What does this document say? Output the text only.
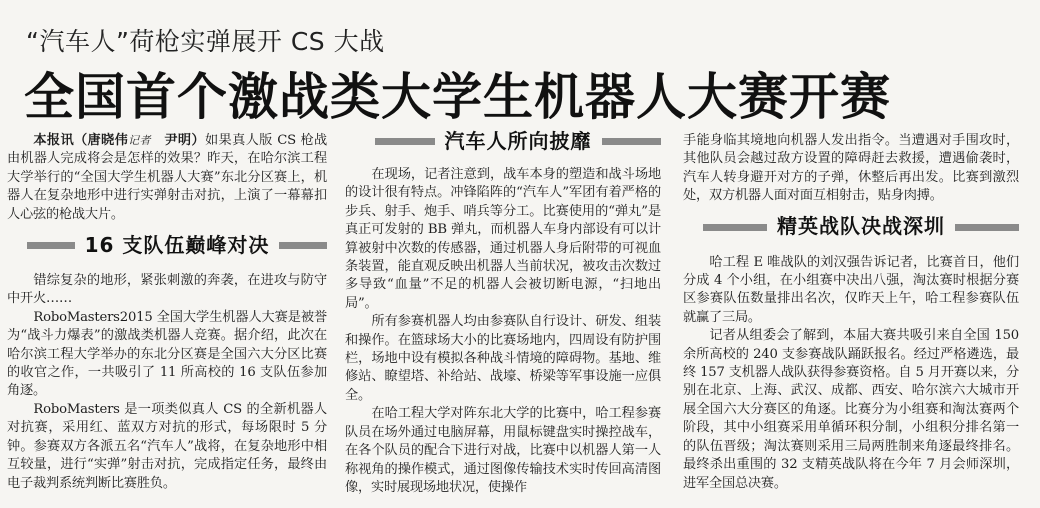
“汽车人”荷枪实弹展开 CS 大战
全国首个激战类大学生机器人大赛开赛

本报讯（唐晓伟记者　 尹明）如果真人版 CS 枪战由机器人完成将会是怎样的效果？昨天，在哈尔滨工程大学举行的“全国大学生机器人大赛”东北分区赛上，机器人在复杂地形中进行实弹射击对抗，上演了一幕幕扣人心弦的枪战大片。

16 支队伍巅峰对决

错综复杂的地形，紧张刺激的奔袭，在进攻与防守中开火……

RoboMasters2015 全国大学生机器人大赛是被誉为“战斗力爆表”的激战类机器人竞赛。据介绍，此次在哈尔滨工程大学举办的东北分区赛是全国六大分区比赛的收官之作，一共吸引了 11 所高校的 16 支队伍参加角逐。

RoboMasters 是一项类似真人 CS 的全新机器人对抗赛，采用红、蓝双方对抗的形式，每场限时 5 分钟。参赛双方各派五名“汽车人”战将，在复杂地形中相互较量，进行“实弹”射击对抗，完成指定任务，最终由电子裁判系统判断比赛胜负。

汽车人所向披靡

在现场，记者注意到，战车本身的塑造和战斗场地的设计很有特点。冲锋陷阵的“汽车人”军团有着严格的步兵、射手、炮手、哨兵等分工。比赛使用的“弹丸”是真正可发射的 BB 弹丸，而机器人车身内部设有可以计算被射中次数的传感器，通过机器人身后附带的可视血条装置，能直观反映出机器人当前状况，被攻击次数过多导致“血量”不足的机器人会被切断电源，“扫地出局”。

所有参赛机器人均由参赛队自行设计、研发、组装和操作。在篮球场大小的比赛场地内，四周设有防护围栏，场地中设有模拟各种战斗情境的障碍物。基地、维修站、瞭望塔、补给站、战壕、桥梁等军事设施一应俱全。

在哈工程大学对阵东北大学的比赛中，哈工程参赛队员在场外通过电脑屏幕，用鼠标键盘实时操控战车，在各个队员的配合下进行对战，比赛中以机器人第一人称视角的操作模式，通过图像传输技术实时传回高清图像，实时展现场地状况，使操作

手能身临其境地向机器人发出指令。当遭遇对手围攻时，其他队员会越过敌方设置的障碍赶去救援，遭遇偷袭时，汽车人转身避开对方的子弹，休整后再出发。比赛到激烈处，双方机器人面对面互相射击，贴身肉搏。

精英战队决战深圳

哈工程 E 唯战队的刘汉强告诉记者，比赛首日，他们分成 4 个小组，在小组赛中决出八强，淘汰赛时根据分赛区参赛队伍数量排出名次，仅昨天上午，哈工程参赛队伍就赢了三局。

记者从组委会了解到，本届大赛共吸引来自全国 150 余所高校的 240 支参赛战队踊跃报名。经过严格遴选，最终 157 支机器人战队获得参赛资格。自 5 月开赛以来，分别在北京、上海、武汉、成都、西安、哈尔滨六大城市开展全国六大分赛区的角逐。比赛分为小组赛和淘汰赛两个阶段，其中小组赛采用单循环积分制，小组积分排名第一的队伍晋级；淘汰赛则采用三局两胜制来角逐最终排名。最终杀出重围的 32 支精英战队将在今年 7 月会师深圳，进军全国总决赛。
